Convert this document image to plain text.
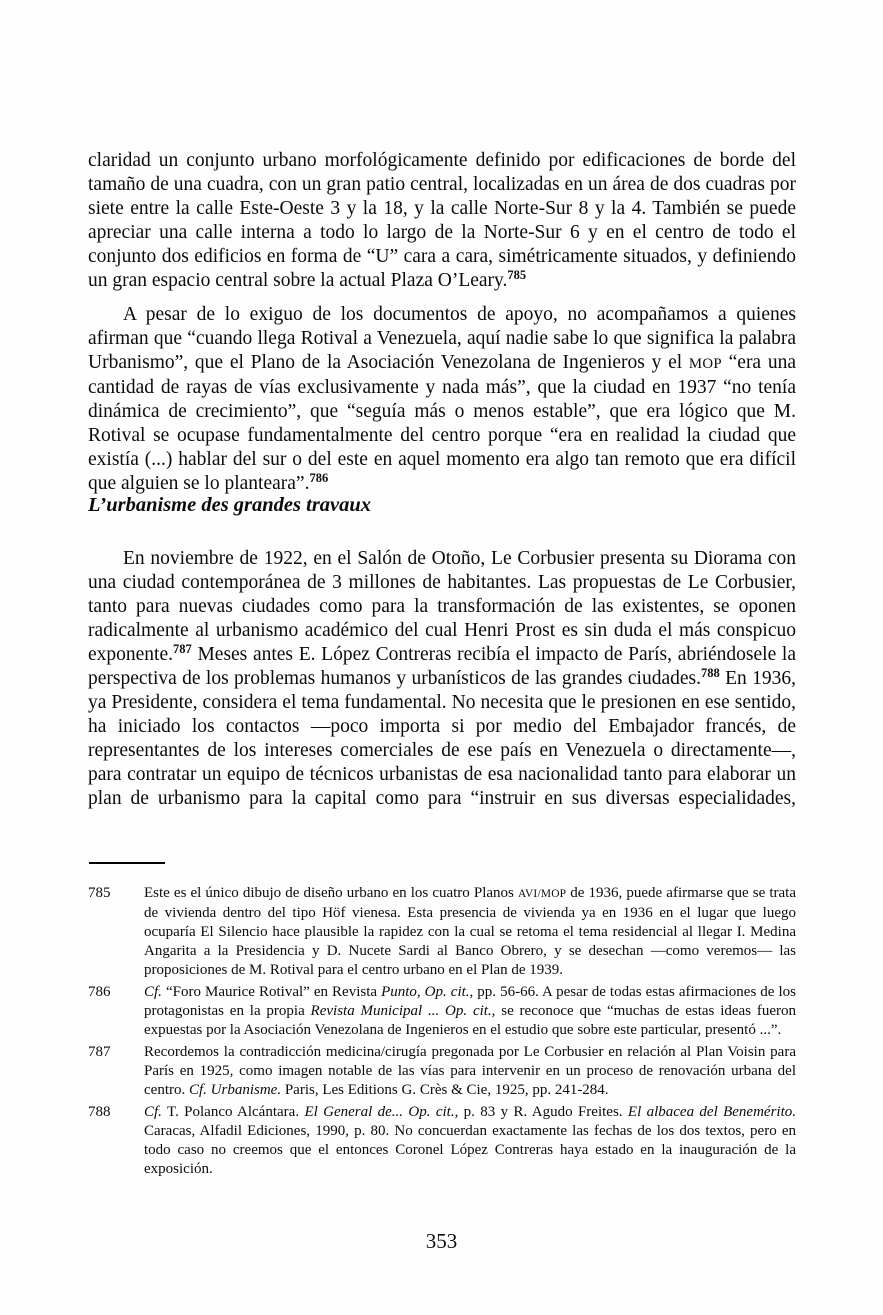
claridad un conjunto urbano morfológicamente definido por edificaciones de borde del tamaño de una cuadra, con un gran patio central, localizadas en un área de dos cuadras por siete entre la calle Este-Oeste 3 y la 18, y la calle Norte-Sur 8 y la 4. También se puede apreciar una calle interna a todo lo largo de la Norte-Sur 6 y en el centro de todo el conjunto dos edificios en forma de “U” cara a cara, simétricamente situados, y definiendo un gran espacio central sobre la actual Plaza O’Leary.$^{785}$

A pesar de lo exiguo de los documentos de apoyo, no acompañamos a quienes afirman que “cuando llega Rotival a Venezuela, aquí nadie sabe lo que significa la palabra Urbanismo”, que el Plano de la Asociación Venezolana de Ingenieros y el MOP “era una cantidad de rayas de vías exclusivamente y nada más”, que la ciudad en 1937 “no tenía dinámica de crecimiento”, que “seguía más o menos estable”, que era lógico que M. Rotival se ocupase fundamentalmente del centro porque “era en realidad la ciudad que existía (...) hablar del sur o del este en aquel momento era algo tan remoto que era difícil que alguien se lo planteara”.$^{786}$

L’urbanisme des grandes travaux

En noviembre de 1922, en el Salón de Otoño, Le Corbusier presenta su Diorama con una ciudad contemporánea de 3 millones de habitantes. Las propuestas de Le Corbusier, tanto para nuevas ciudades como para la transformación de las existentes, se oponen radicalmente al urbanismo académico del cual Henri Prost es sin duda el más conspicuo exponente.$^{787}$ Meses antes E. López Contreras recibía el impacto de París, abriéndosele la perspectiva de los problemas humanos y urbanísticos de las grandes ciudades.$^{788}$ En 1936, ya Presidente, considera el tema fundamental. No necesita que le presionen en ese sentido, ha iniciado los contactos —poco importa si por medio del Embajador francés, de representantes de los intereses comerciales de ese país en Venezuela o directamente—, para contratar un equipo de técnicos urbanistas de esa nacionalidad tanto para elaborar un plan de urbanismo para la capital como para “instruir en sus diversas especialidades,

785	Este es el único dibujo de diseño urbano en los cuatro Planos AVI/MOP de 1936, puede afirmarse que se trata de vivienda dentro del tipo Höf vienesa. Esta presencia de vivienda ya en 1936 en el lugar que luego ocuparía El Silencio hace plausible la rapidez con la cual se retoma el tema residencial al llegar I. Medina Angarita a la Presidencia y D. Nucete Sardi al Banco Obrero, y se desechan —como veremos— las proposiciones de M. Rotival para el centro urbano en el Plan de 1939.
786	Cf. “Foro Maurice Rotival” en Revista Punto, Op. cit., pp. 56-66. A pesar de todas estas afirmaciones de los protagonistas en la propia Revista Municipal ... Op. cit., se reconoce que “muchas de estas ideas fueron expuestas por la Asociación Venezolana de Ingenieros en el estudio que sobre este particular, presentó ...”.
787	Recordemos la contradicción medicina/cirugía pregonada por Le Corbusier en relación al Plan Voisin para París en 1925, como imagen notable de las vías para intervenir en un proceso de renovación urbana del centro. Cf. Urbanisme. Paris, Les Editions G. Crès & Cie, 1925, pp. 241-284.
788	Cf. T. Polanco Alcántara. El General de... Op. cit., p. 83 y R. Agudo Freites. El albacea del Benemérito. Caracas, Alfadil Ediciones, 1990, p. 80. No concuerdan exactamente las fechas de los dos textos, pero en todo caso no creemos que el entonces Coronel López Contreras haya estado en la inauguración de la exposición.
353
